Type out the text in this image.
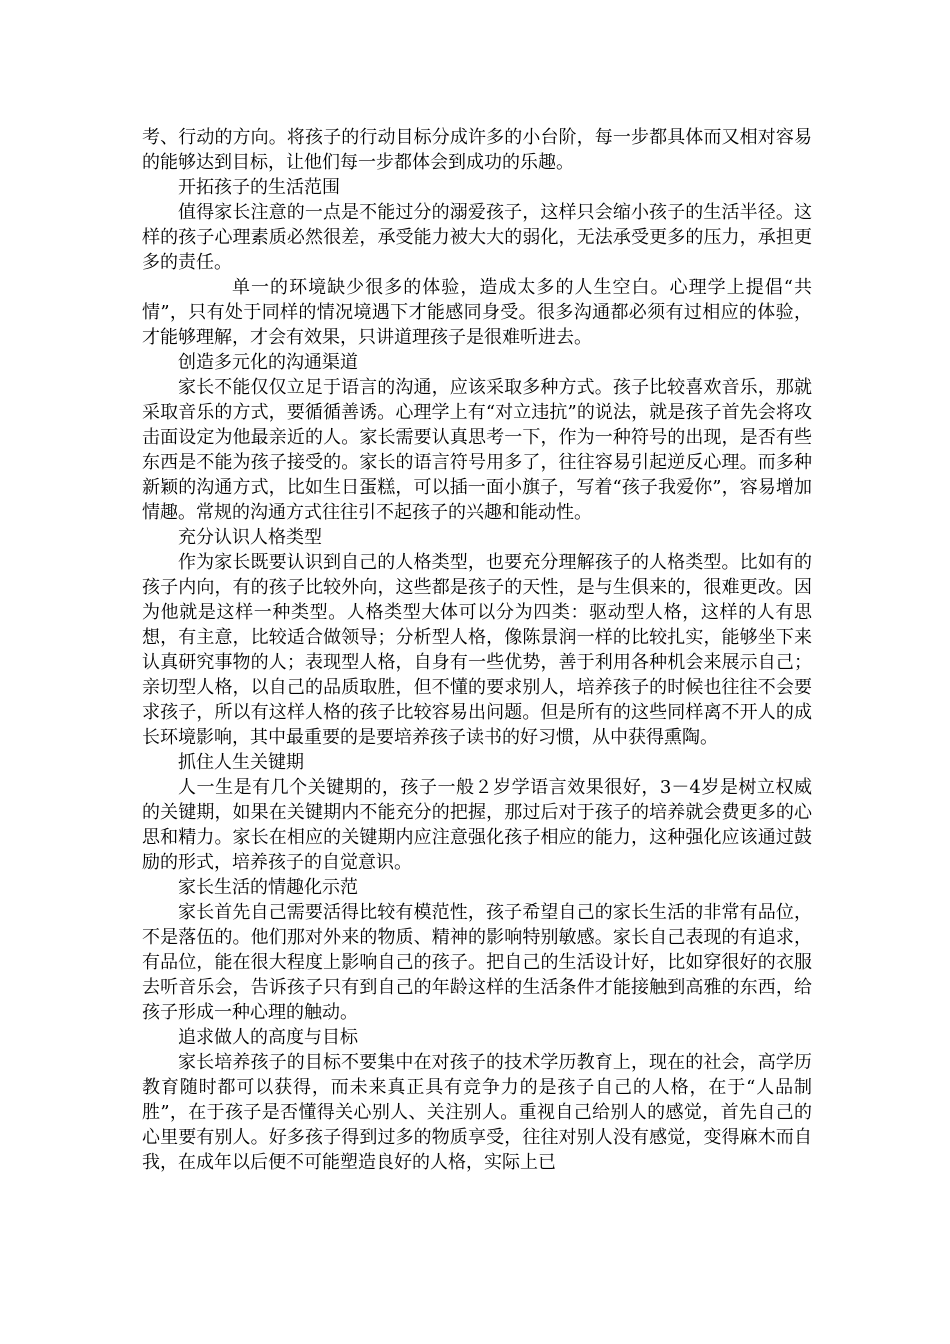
考、行动的方向。将孩子的行动目标分成许多的小台阶，每一步都具体而又相对容易的能够达到目标，让他们每一步都体会到成功的乐趣。

开拓孩子的生活范围

值得家长注意的一点是不能过分的溺爱孩子，这样只会缩小孩子的生活半径。这样的孩子心理素质必然很差，承受能力被大大的弱化，无法承受更多的压力，承担更多的责任。

单一的环境缺少很多的体验，造成太多的人生空白。心理学上提倡“共情”，只有处于同样的情况境遇下才能感同身受。很多沟通都必须有过相应的体验，才能够理解，才会有效果，只讲道理孩子是很难听进去。

创造多元化的沟通渠道

家长不能仅仅立足于语言的沟通，应该采取多种方式。孩子比较喜欢音乐，那就采取音乐的方式，要循循善诱。心理学上有“对立违抗”的说法，就是孩子首先会将攻击面设定为他最亲近的人。家长需要认真思考一下，作为一种符号的出现，是否有些东西是不能为孩子接受的。家长的语言符号用多了，往往容易引起逆反心理。而多种新颖的沟通方式，比如生日蛋糕，可以插一面小旗子，写着“孩子我爱你”，容易增加情趣。常规的沟通方式往往引不起孩子的兴趣和能动性。

充分认识人格类型

作为家长既要认识到自己的人格类型，也要充分理解孩子的人格类型。比如有的孩子内向，有的孩子比较外向，这些都是孩子的天性，是与生俱来的，很难更改。因为他就是这样一种类型。人格类型大体可以分为四类：驱动型人格，这样的人有思想，有主意，比较适合做领导；分析型人格，像陈景润一样的比较扎实，能够坐下来认真研究事物的人；表现型人格，自身有一些优势，善于利用各种机会来展示自己；亲切型人格，以自己的品质取胜，但不懂的要求别人，培养孩子的时候也往往不会要求孩子，所以有这样人格的孩子比较容易出问题。但是所有的这些同样离不开人的成长环境影响，其中最重要的是要培养孩子读书的好习惯，从中获得熏陶。

抓住人生关键期

人一生是有几个关键期的，孩子一般２岁学语言效果很好，3－4岁是树立权威的关键期，如果在关键期内不能充分的把握，那过后对于孩子的培养就会费更多的心思和精力。家长在相应的关键期内应注意强化孩子相应的能力，这种强化应该通过鼓励的形式，培养孩子的自觉意识。

家长生活的情趣化示范

家长首先自己需要活得比较有模范性，孩子希望自己的家长生活的非常有品位，不是落伍的。他们那对外来的物质、精神的影响特别敏感。家长自己表现的有追求，有品位，能在很大程度上影响自己的孩子。把自己的生活设计好，比如穿很好的衣服去听音乐会，告诉孩子只有到自己的年龄这样的生活条件才能接触到高雅的东西，给孩子形成一种心理的触动。

追求做人的高度与目标

家长培养孩子的目标不要集中在对孩子的技术学历教育上，现在的社会，高学历教育随时都可以获得，而未来真正具有竞争力的是孩子自己的人格，在于“人品制胜”，在于孩子是否懂得关心别人、关注别人。重视自己给别人的感觉，首先自己的心里要有别人。好多孩子得到过多的物质享受，往往对别人没有感觉，变得麻木而自我，在成年以后便不可能塑造良好的人格，实际上已
